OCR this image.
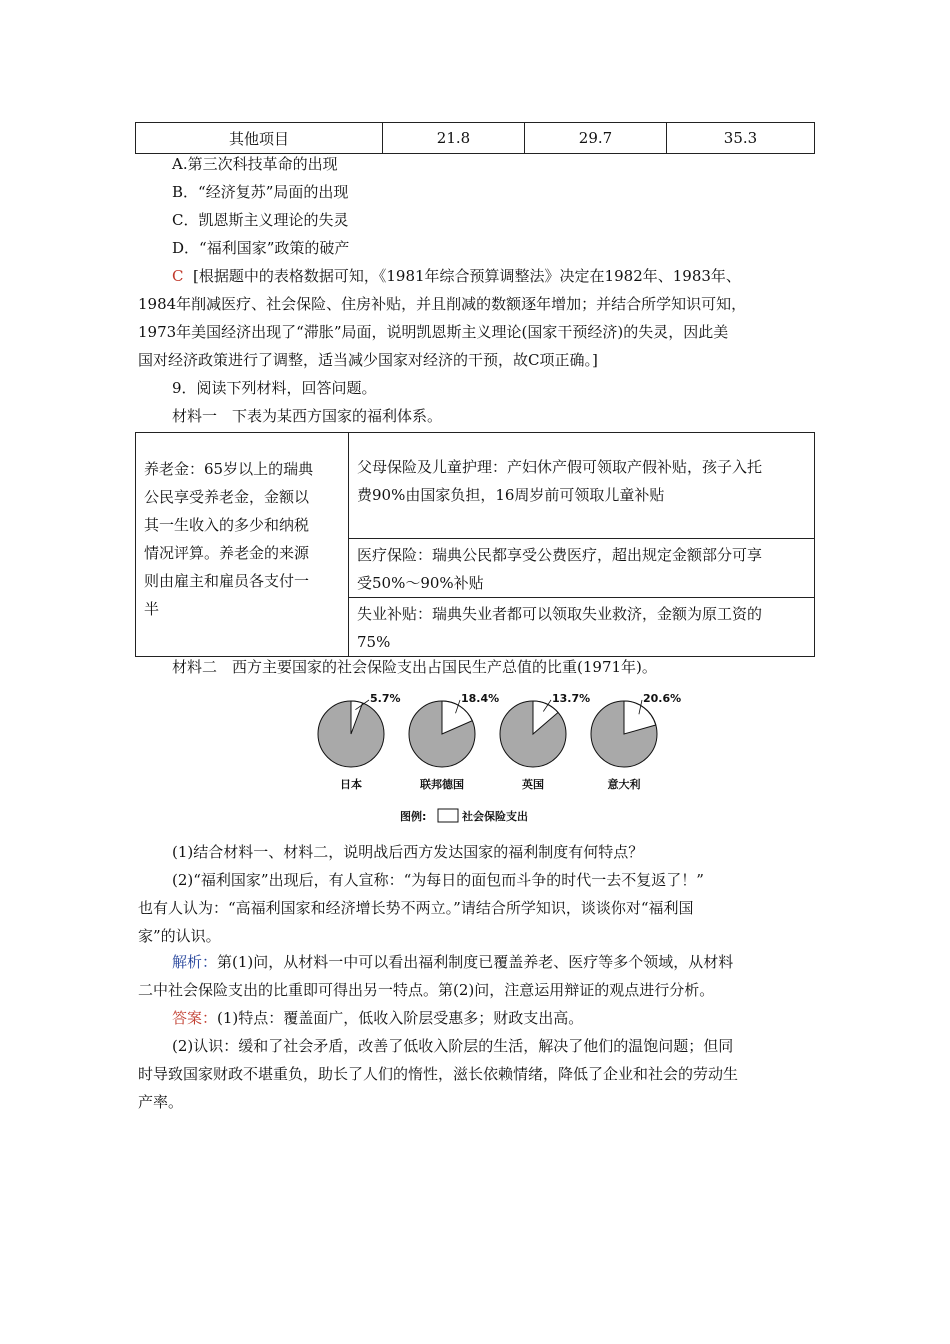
其他项目	21.8	29.7	35.3
A.第三次科技革命的出现
B．“经济复苏”局面的出现
C．凯恩斯主义理论的失灵
D．“福利国家”政策的破产
C [根据题中的表格数据可知，《1981年综合预算调整法》决定在1982年、1983年、
1984年削减医疗、社会保险、住房补贴，并且削减的数额逐年增加；并结合所学知识可知，
1973年美国经济出现了“滞胀”局面，说明凯恩斯主义理论(国家干预经济)的失灵，因此美
国对经济政策进行了调整，适当减少国家对经济的干预，故C项正确。]
9．阅读下列材料，回答问题。
材料一　下表为某西方国家的福利体系。
养老金：65岁以上的瑞典
公民享受养老金，金额以
其一生收入的多少和纳税
情况评算。养老金的来源
则由雇主和雇员各支付一
半

父母保险及儿童护理：产妇休产假可领取产假补贴，孩子入托
费90%由国家负担，16周岁前可领取儿童补贴

医疗保险：瑞典公民都享受公费医疗，超出规定金额部分可享
受50%～90%补贴

失业补贴：瑞典失业者都可以领取失业救济，金额为原工资的
75%
材料二　西方主要国家的社会保险支出占国民生产总值的比重(1971年)。
5.7%
日本
18.4%
联邦德国
13.7%
英国
20.6%
意大利
图例:	社会保险支出
(1)结合材料一、材料二，说明战后西方发达国家的福利制度有何特点？
(2)“福利国家”出现后，有人宣称：“为每日的面包而斗争的时代一去不复返了！”
也有人认为：“高福利国家和经济增长势不两立。”请结合所学知识，谈谈你对“福利国
家”的认识。
解析：第(1)问，从材料一中可以看出福利制度已覆盖养老、医疗等多个领域，从材料
二中社会保险支出的比重即可得出另一特点。第(2)问，注意运用辩证的观点进行分析。
答案：(1)特点：覆盖面广，低收入阶层受惠多；财政支出高。
(2)认识：缓和了社会矛盾，改善了低收入阶层的生活，解决了他们的温饱问题；但同
时导致国家财政不堪重负，助长了人们的惰性，滋长依赖情绪，降低了企业和社会的劳动生
产率。
